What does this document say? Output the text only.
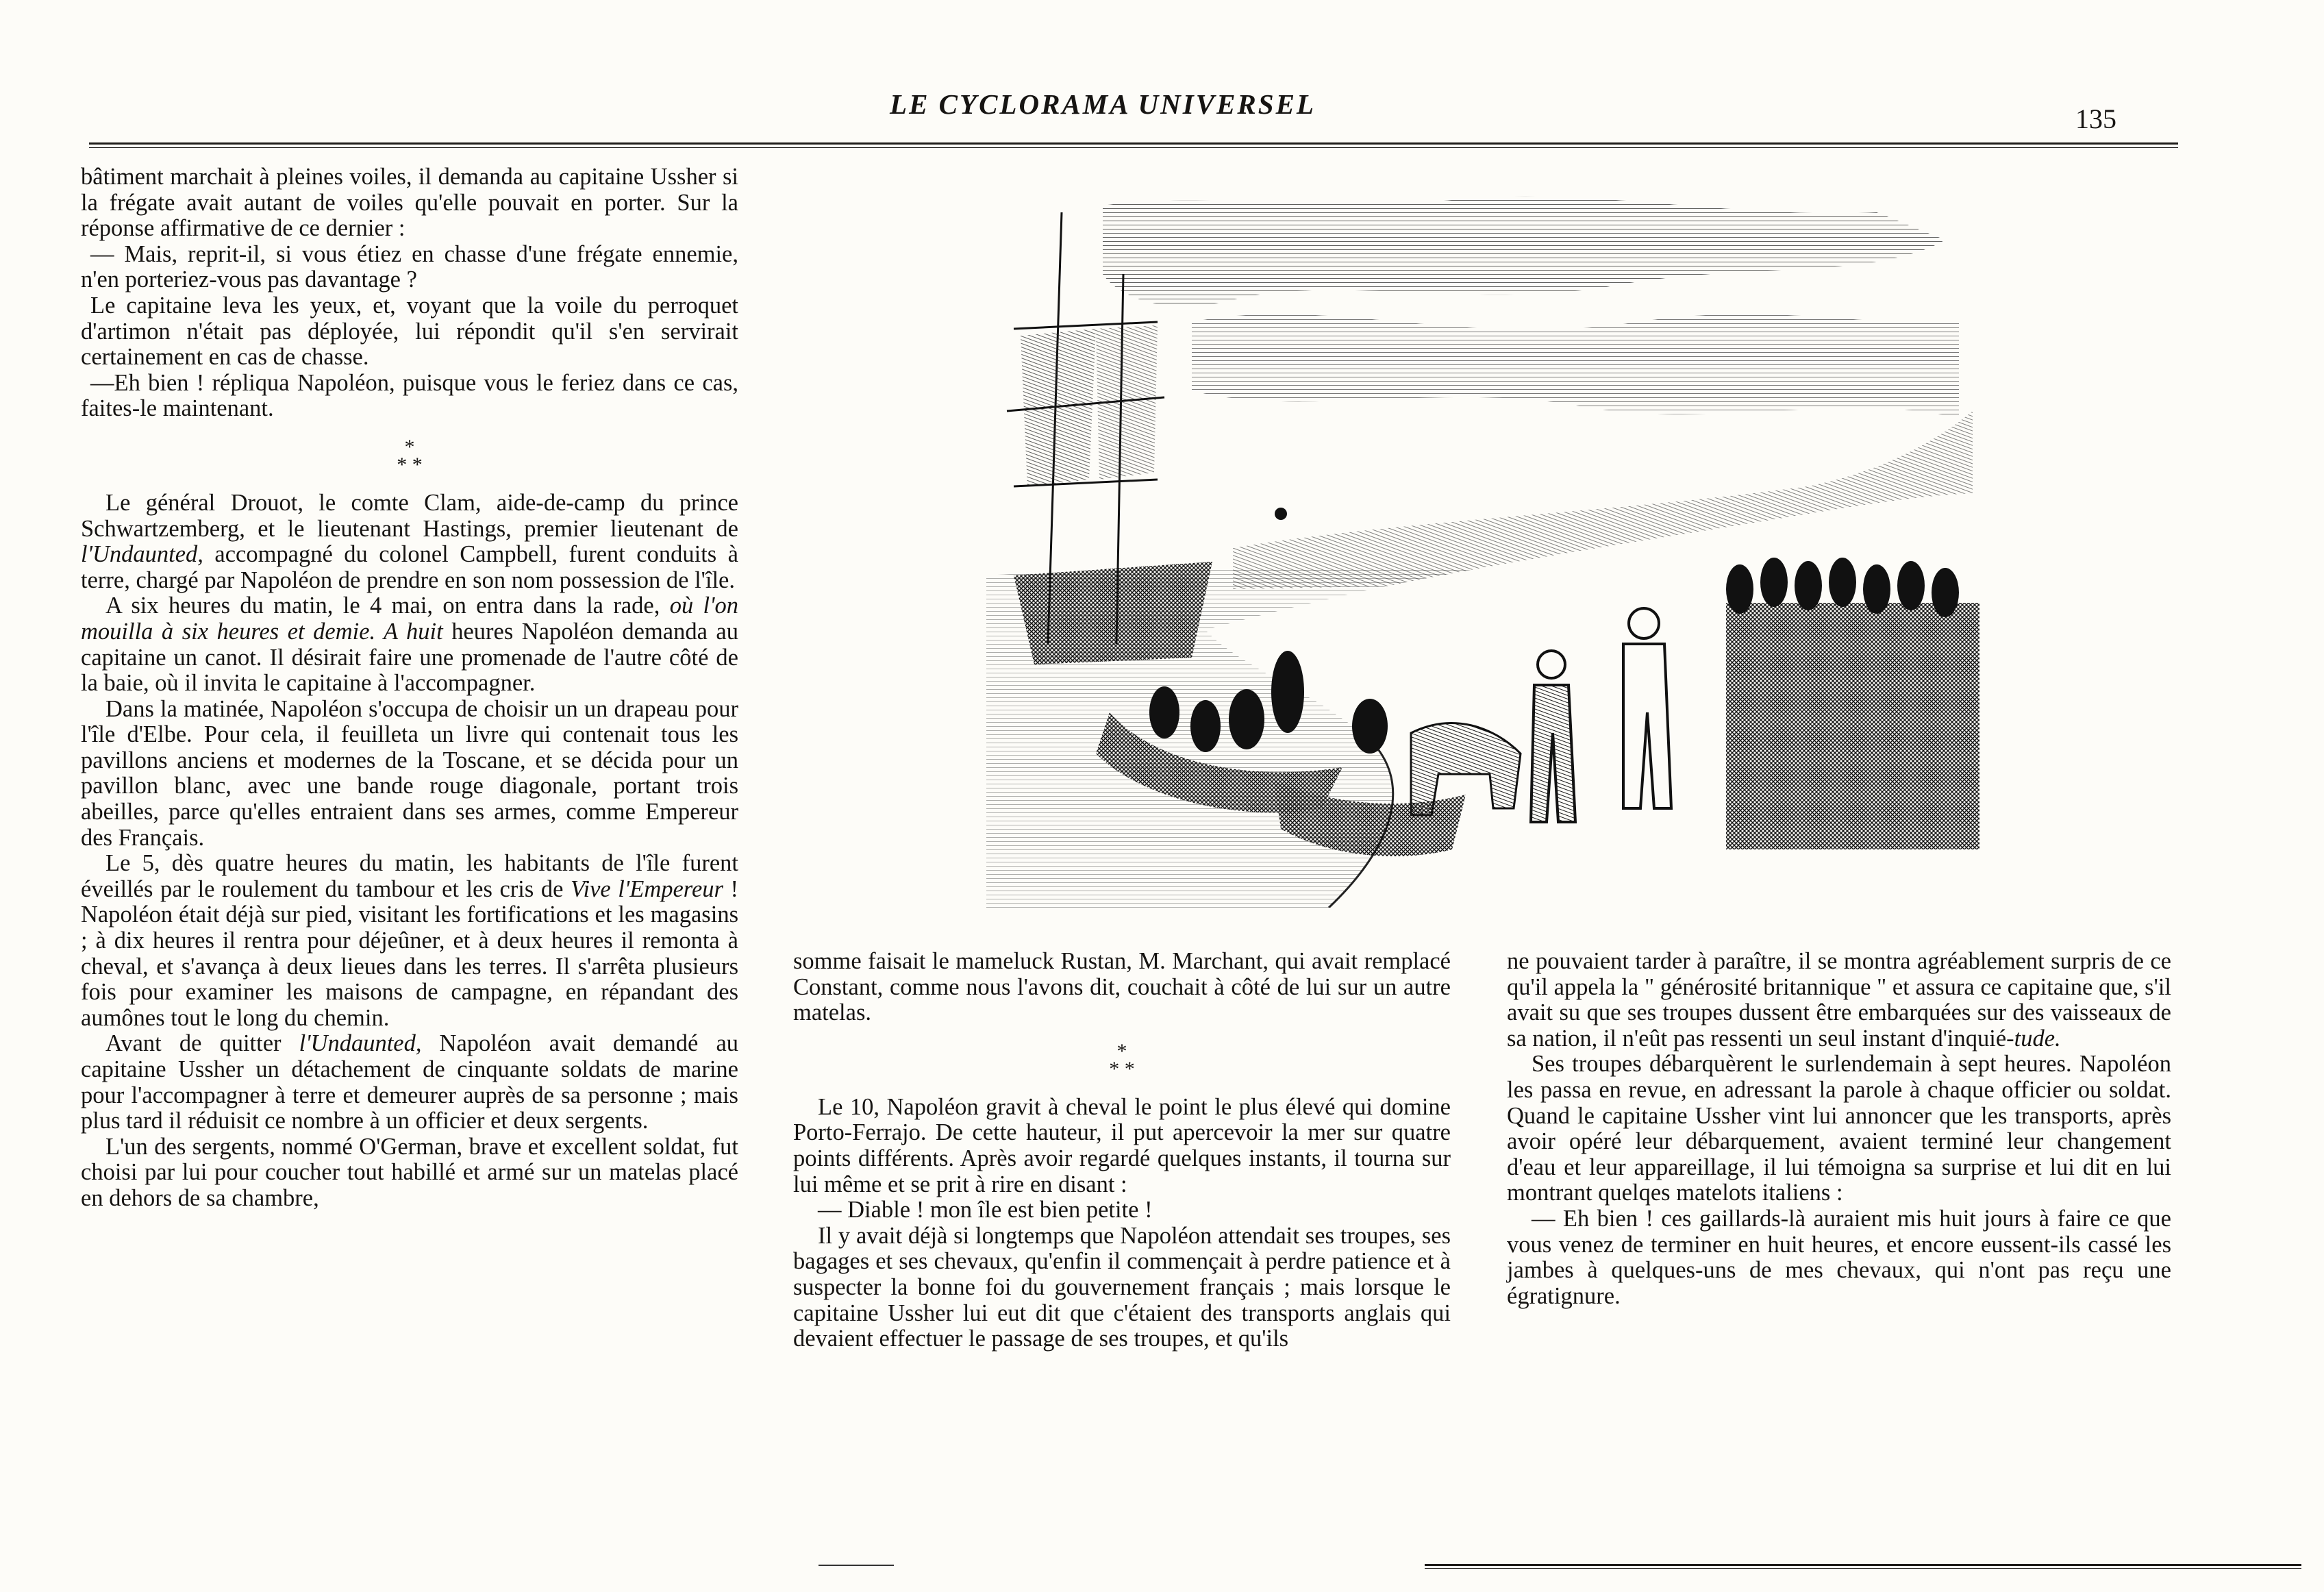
LE CYCLORAMA UNIVERSEL	135

bâtiment marchait à pleines voiles, il demanda au capitaine Ussher si la frégate avait autant de voiles qu'elle pouvait en porter. Sur la réponse affirmative de ce dernier :

— Mais, reprit-il, si vous étiez en chasse d'une frégate ennemie, n'en porteriez-vous pas davantage ?

Le capitaine leva les yeux, et, voyant que la voile du perroquet d'artimon n'était pas déployée, lui répondit qu'il s'en servirait certainement en cas de chasse.

—Eh bien ! répliqua Napoléon, puisque vous le feriez dans ce cas, faites-le maintenant.

*
* *

Le général Drouot, le comte Clam, aide-de-camp du prince Schwartzemberg, et le lieutenant Hastings, premier lieutenant de l'Undaunted, accompagné du colonel Campbell, furent conduits à terre, chargé par Napoléon de prendre en son nom possession de l'île.

A six heures du matin, le 4 mai, on entra dans la rade, où l'on mouilla à six heures et demie. A huit heures Napoléon demanda au capitaine un canot. Il désirait faire une promenade de l'autre côté de la baie, où il invita le capitaine à l'accompagner.

Dans la matinée, Napoléon s'occupa de choisir un un drapeau pour l'île d'Elbe. Pour cela, il feuilleta un livre qui contenait tous les pavillons anciens et modernes de la Toscane, et se décida pour un pavillon blanc, avec une bande rouge diagonale, portant trois abeilles, parce qu'elles entraient dans ses armes, comme Empereur des Français.

Le 5, dès quatre heures du matin, les habitants de l'île furent éveillés par le roulement du tambour et les cris de Vive l'Empereur ! Napoléon était déjà sur pied, visitant les fortifications et les magasins ; à dix heures il rentra pour déjeûner, et à deux heures il remonta à cheval, et s'avança à deux lieues dans les terres. Il s'arrêta plusieurs fois pour examiner les maisons de campagne, en répandant des aumônes tout le long du chemin.

Avant de quitter l'Undaunted, Napoléon avait demandé au capitaine Ussher un détachement de cinquante soldats de marine pour l'accompagner à terre et demeurer auprès de sa personne ; mais plus tard il réduisit ce nombre à un officier et deux sergents.

L'un des sergents, nommé O'German, brave et excellent soldat, fut choisi par lui pour coucher tout habillé et armé sur un matelas placé en dehors de sa chambre,

somme faisait le mameluck Rustan, M. Marchant, qui avait remplacé Constant, comme nous l'avons dit, couchait à côté de lui sur un autre matelas.

*
* *

Le 10, Napoléon gravit à cheval le point le plus élevé qui domine Porto-Ferrajo. De cette hauteur, il put apercevoir la mer sur quatre points différents. Après avoir regardé quelques instants, il tourna sur lui même et se prit à rire en disant :

— Diable ! mon île est bien petite !

Il y avait déjà si longtemps que Napoléon attendait ses troupes, ses bagages et ses chevaux, qu'enfin il commençait à perdre patience et à suspecter la bonne foi du gouvernement français ; mais lorsque le capitaine Ussher lui eut dit que c'étaient des transports anglais qui devaient effectuer le passage de ses troupes, et qu'ils

ne pouvaient tarder à paraître, il se montra agréablement surpris de ce qu'il appela la " générosité britannique " et assura ce capitaine que, s'il avait su que ses troupes dussent être embarquées sur des vaisseaux de sa nation, il n'eût pas ressenti un seul instant d'inquié-tude.

Ses troupes débarquèrent le surlendemain à sept heures. Napoléon les passa en revue, en adressant la parole à chaque officier ou soldat. Quand le capitaine Ussher vint lui annoncer que les transports, après avoir opéré leur débarquement, avaient terminé leur changement d'eau et leur appareillage, il lui témoigna sa surprise et lui dit en lui montrant quelqes matelots italiens :

— Eh bien ! ces gaillards-là auraient mis huit jours à faire ce que vous venez de terminer en huit heures, et encore eussent-ils cassé les jambes à quelques-uns de mes chevaux, qui n'ont pas reçu une égratignure.
